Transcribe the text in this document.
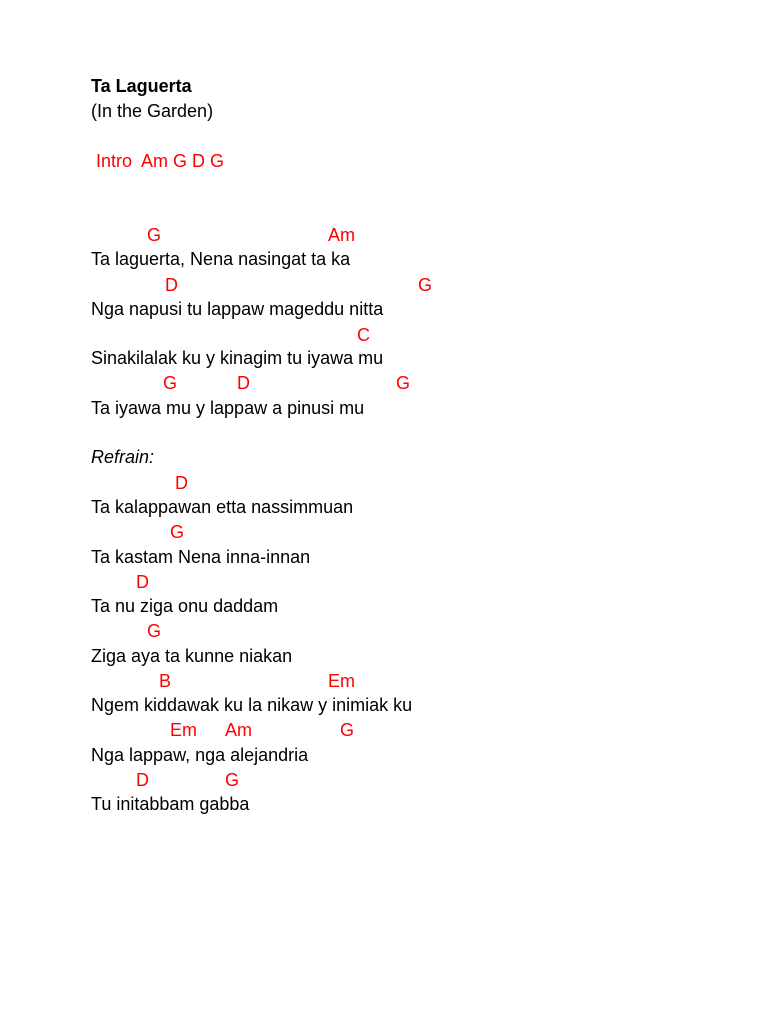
Ta Laguerta
(In the Garden)
Intro  Am G D G
G	Am
Ta laguerta, Nena nasingat ta ka
D	G
Nga napusi tu lappaw mageddu nitta
C
Sinakilalak ku y kinagim tu iyawa mu
G	D	G
Ta iyawa mu y lappaw a pinusi mu
Refrain:
D
Ta kalappawan etta nassimmuan
G
Ta kastam Nena inna-innan
D
Ta nu ziga onu daddam
G
Ziga aya ta kunne niakan
B	Em
Ngem kiddawak ku la nikaw y inimiak ku
Em Am	G
Nga lappaw, nga alejandria
D	G
Tu initabbam gabba
